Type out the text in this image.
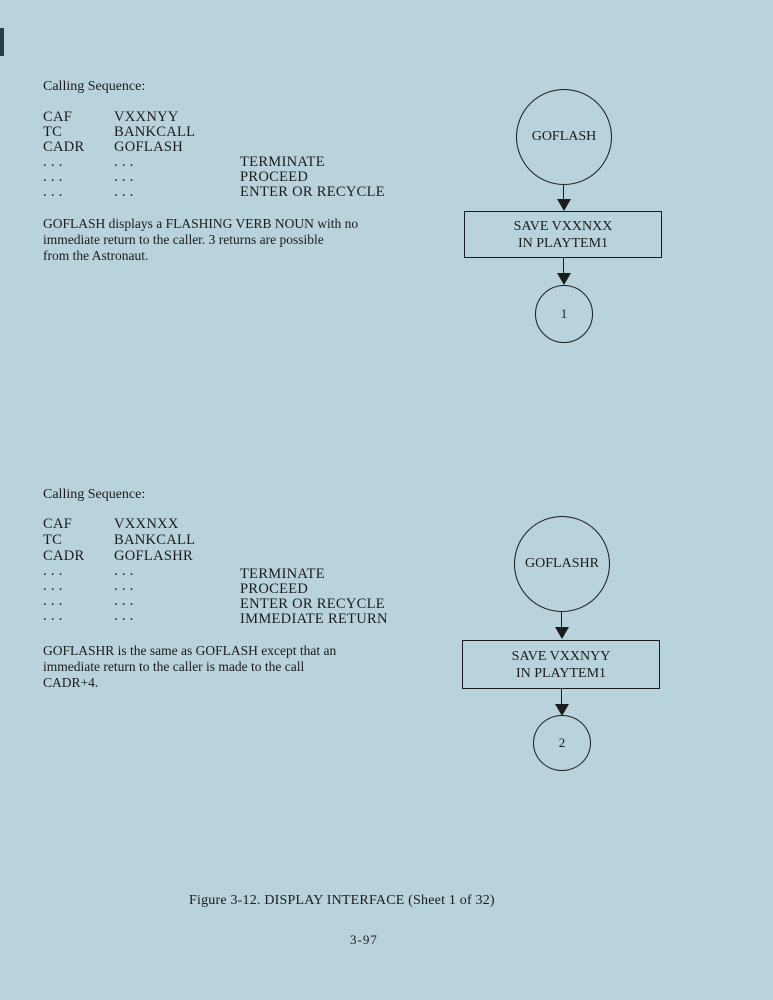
Calling Sequence:
CAF	VXXNYY
TC	BANKCALL
CADR GOFLASH
. . .	. . .	TERMINATE
. . .	. . .	PROCEED
. . .	. . .	ENTER OR RECYCLE
GOFLASH displays a FLASHING VERB NOUN with no
immediate return to the caller. 3 returns are possible
from the Astronaut.
GOFLASH
SAVE VXXNXX
IN PLAYTEM1
1
Calling Sequence:
CAF	VXXNXX
TC	BANKCALL
CADR GOFLASHR
. . .	. . .	TERMINATE
. . .	. . .	PROCEED
. . .	. . .	ENTER OR RECYCLE
. . .	. . .	IMMEDIATE RETURN
GOFLASHR is the same as GOFLASH except that an
immediate return to the caller is made to the call
CADR+4.
GOFLASHR
SAVE VXXNYY
IN PLAYTEM1
2
Figure 3-12. DISPLAY INTERFACE (Sheet 1 of 32)
3-97
